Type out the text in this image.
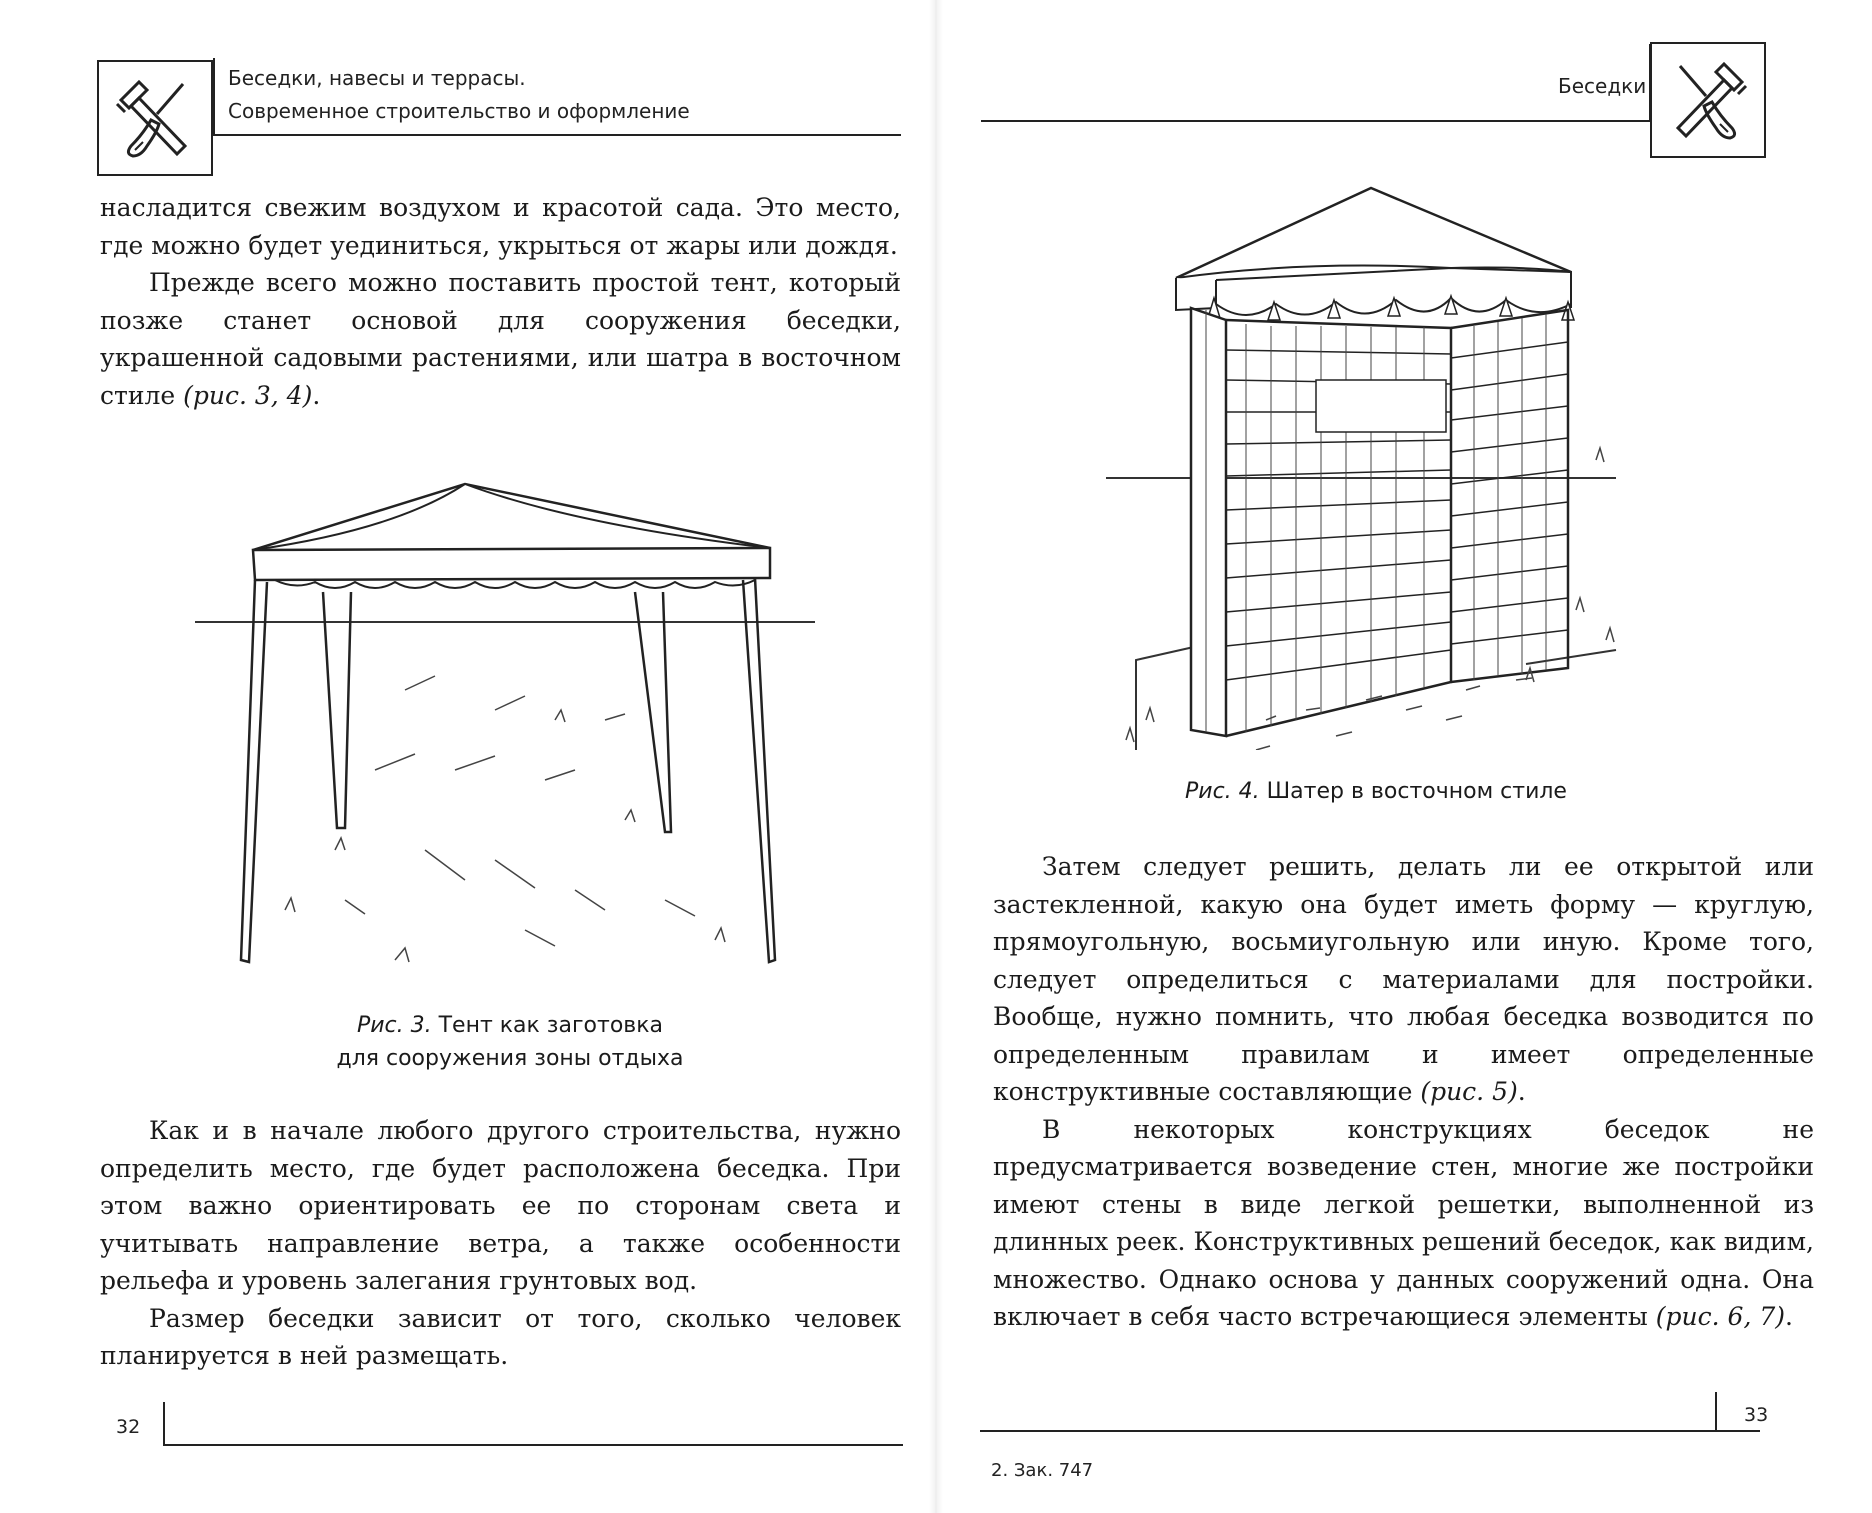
Беседки, навесы и террасы.
Современное строительство и оформление

насладится свежим воздухом и красотой сада. Это место, где можно будет уединиться, укрыться от жары или дождя.

Прежде всего можно поставить простой тент, который позже станет основой для сооружения беседки, украшенной садовыми растениями, или шатра в восточном стиле (рис. 3, 4).

Рис. 3. Тент как заготовка
для сооружения зоны отдыха

Как и в начале любого другого строительства, нужно определить место, где будет расположена беседка. При этом важно ориентировать ее по сторонам света и учитывать направление ветра, а также особенности рельефа и уровень залегания грунтовых вод.

Размер беседки зависит от того, сколько человек планируется в ней размещать.

32
Беседки
Рис. 4. Шатер в восточном стиле

Затем следует решить, делать ли ее открытой или застекленной, какую она будет иметь форму — круглую, прямоугольную, восьмиугольную или иную. Кроме того, следует определиться с материалами для постройки. Вообще, нужно помнить, что любая беседка возводится по определенным правилам и имеет определенные конструктивные составляющие (рис. 5).

В некоторых конструкциях беседок не предусматривается возведение стен, многие же постройки имеют стены в виде легкой решетки, выполненной из длинных реек. Конструктивных решений беседок, как видим, множество. Однако основа у данных сооружений одна. Она включает в себя часто встречающиеся элементы (рис. 6, 7).

33
2. Зак. 747
